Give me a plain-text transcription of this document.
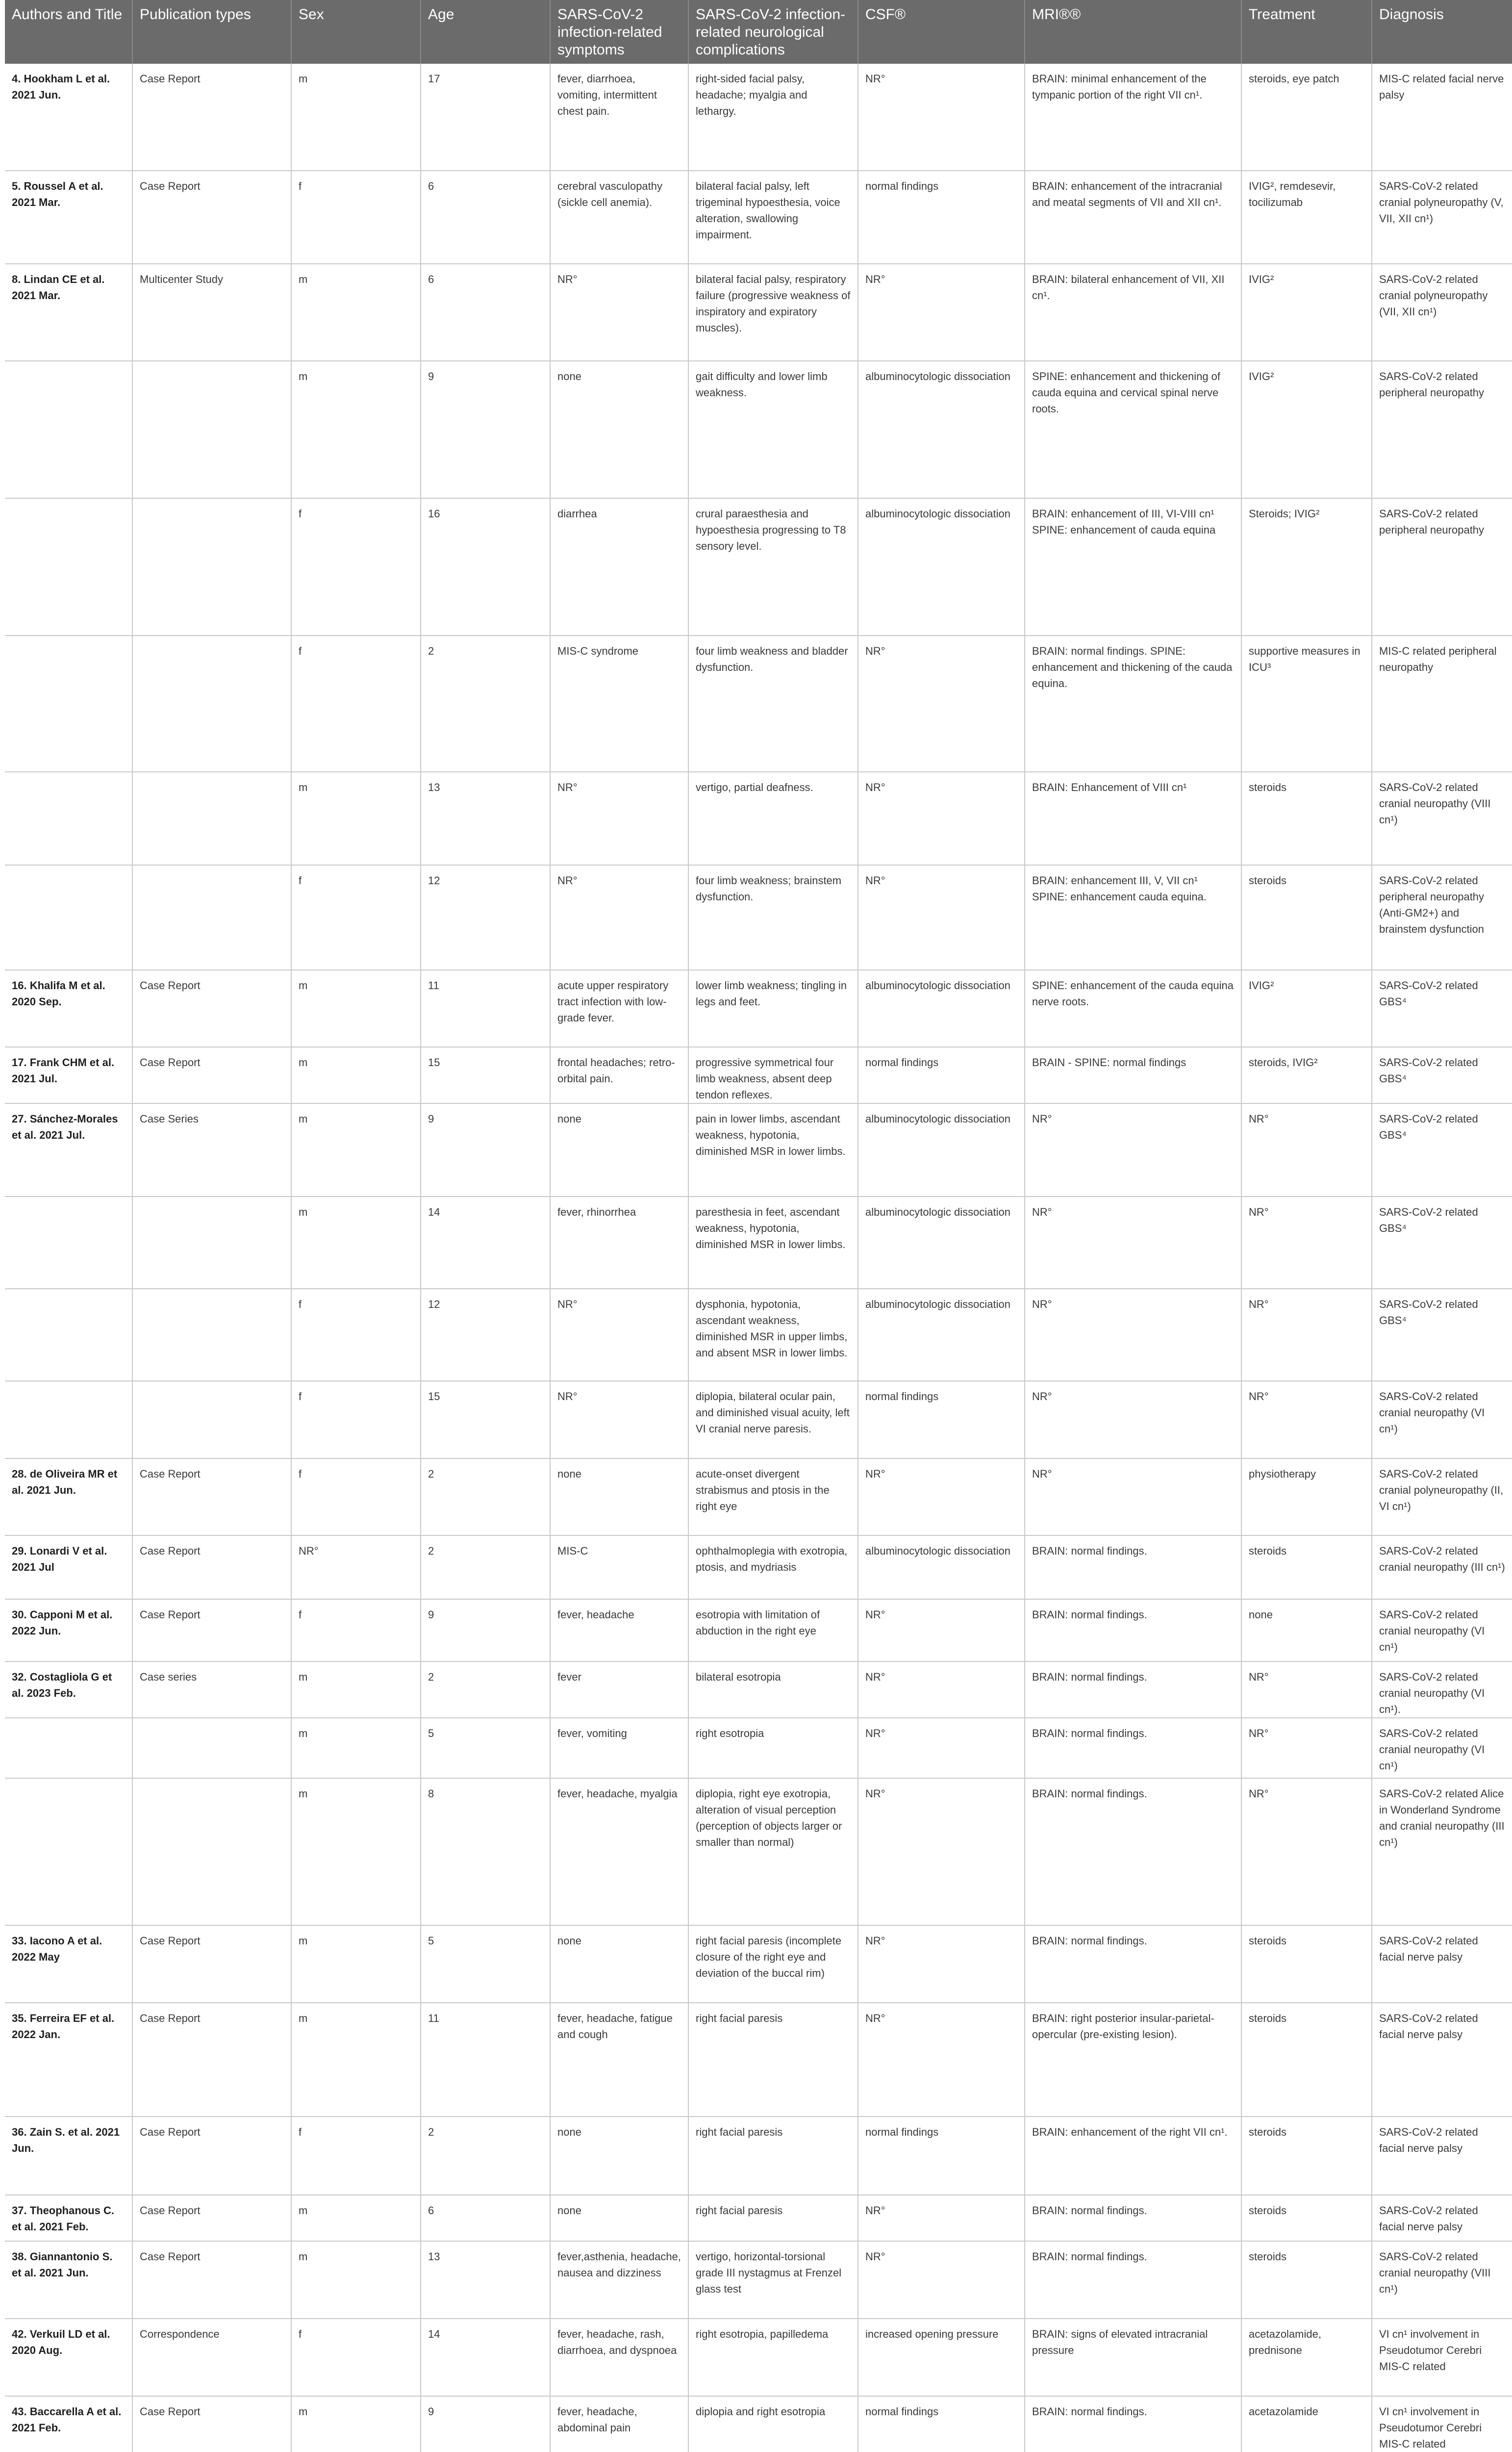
Authors and Title	Publication types	Sex	Age	SARS-CoV-2 infection-related symptoms	SARS-CoV-2 infection-related neurological complications	CSF®	MRI®®	Treatment	Diagnosis
4. Hookham L et al. 2021 Jun.	Case Report	m	17	fever, diarrhoea, vomiting, intermittent chest pain.	right-sided facial palsy, headache; myalgia and lethargy.	NR°	BRAIN: minimal enhancement of the tympanic portion of the right VII cn¹.	steroids, eye patch	MIS-C related facial nerve palsy
5. Roussel A et al. 2021 Mar.	Case Report	f	6	cerebral vasculopathy (sickle cell anemia).	bilateral facial palsy, left trigeminal hypoesthesia, voice alteration, swallowing impairment.	normal findings	BRAIN: enhancement of the intracranial and meatal segments of VII and XII cn¹.	IVIG², remdesevir, tocilizumab	SARS-CoV-2 related cranial polyneuropathy (V, VII, XII cn¹)
8. Lindan CE et al. 2021 Mar.	Multicenter Study	m	6	NR°	bilateral facial palsy, respiratory failure (progressive weakness of inspiratory and expiratory muscles).	NR°	BRAIN: bilateral enhancement of VII, XII cn¹.	IVIG²	SARS-CoV-2 related cranial polyneuropathy (VII, XII cn¹)
		m	9	none	gait difficulty and lower limb weakness.	albuminocytologic dissociation	SPINE: enhancement and thickening of cauda equina and cervical spinal nerve roots.	IVIG²	SARS-CoV-2 related peripheral neuropathy
		f	16	diarrhea	crural paraesthesia and hypoesthesia progressing to T8 sensory level.	albuminocytologic dissociation	BRAIN: enhancement of III, VI-VIII cn¹ SPINE: enhancement of cauda equina	Steroids; IVIG²	SARS-CoV-2 related peripheral neuropathy
		f	2	MIS-C syndrome	four limb weakness and bladder dysfunction.	NR°	BRAIN: normal findings. SPINE: enhancement and thickening of the cauda equina.	supportive measures in ICU³	MIS-C related peripheral neuropathy
		m	13	NR°	vertigo, partial deafness.	NR°	BRAIN: Enhancement of VIII cn¹	steroids	SARS-CoV-2 related cranial neuropathy (VIII cn¹)
		f	12	NR°	four limb weakness; brainstem dysfunction.	NR°	BRAIN: enhancement III, V, VII cn¹ SPINE: enhancement cauda equina.	steroids	SARS-CoV-2 related peripheral neuropathy (Anti-GM2+) and brainstem dysfunction
16. Khalifa M et al. 2020 Sep.	Case Report	m	11	acute upper respiratory tract infection with low-grade fever.	lower limb weakness; tingling in legs and feet.	albuminocytologic dissociation	SPINE: enhancement of the cauda equina nerve roots.	IVIG²	SARS-CoV-2 related GBS⁴
17. Frank CHM et al. 2021 Jul.	Case Report	m	15	frontal headaches; retro-orbital pain.	progressive symmetrical four limb weakness, absent deep tendon reflexes.	normal findings	BRAIN - SPINE: normal findings	steroids, IVIG²	SARS-CoV-2 related GBS⁴
27. Sánchez-Morales et al. 2021 Jul.	Case Series	m	9	none	pain in lower limbs, ascendant weakness, hypotonia, diminished MSR in lower limbs.	albuminocytologic dissociation	NR°	NR°	SARS-CoV-2 related GBS⁴
		m	14	fever, rhinorrhea	paresthesia in feet, ascendant weakness, hypotonia, diminished MSR in lower limbs.	albuminocytologic dissociation	NR°	NR°	SARS-CoV-2 related GBS⁴
		f	12	NR°	dysphonia, hypotonia, ascendant weakness, diminished MSR in upper limbs, and absent MSR in lower limbs.	albuminocytologic dissociation	NR°	NR°	SARS-CoV-2 related GBS⁴
		f	15	NR°	diplopia, bilateral ocular pain, and diminished visual acuity, left VI cranial nerve paresis.	normal findings	NR°	NR°	SARS-CoV-2 related cranial neuropathy (VI cn¹)
28. de Oliveira MR et al. 2021 Jun.	Case Report	f	2	none	acute-onset divergent strabismus and ptosis in the right eye	NR°	NR°	physiotherapy	SARS-CoV-2 related cranial polyneuropathy (II, VI cn¹)
29. Lonardi V et al. 2021 Jul	Case Report	NR°	2	MIS-C	ophthalmoplegia with exotropia, ptosis, and mydriasis	albuminocytologic dissociation	BRAIN: normal findings.	steroids	SARS-CoV-2 related cranial neuropathy (III cn¹)
30. Capponi M et al. 2022 Jun.	Case Report	f	9	fever, headache	esotropia with limitation of abduction in the right eye	NR°	BRAIN: normal findings.	none	SARS-CoV-2 related cranial neuropathy (VI cn¹)
32. Costagliola G et al. 2023 Feb.	Case series	m	2	fever	bilateral esotropia	NR°	BRAIN: normal findings.	NR°	SARS-CoV-2 related cranial neuropathy (VI cn¹).
		m	5	fever, vomiting	right esotropia	NR°	BRAIN: normal findings.	NR°	SARS-CoV-2 related cranial neuropathy (VI cn¹)
		m	8	fever, headache, myalgia	diplopia, right eye exotropia, alteration of visual perception (perception of objects larger or smaller than normal)	NR°	BRAIN: normal findings.	NR°	SARS-CoV-2 related Alice in Wonderland Syndrome and cranial neuropathy (III cn¹)
33. Iacono A et al. 2022 May	Case Report	m	5	none	right facial paresis (incomplete closure of the right eye and deviation of the buccal rim)	NR°	BRAIN: normal findings.	steroids	SARS-CoV-2 related facial nerve palsy
35. Ferreira EF et al. 2022 Jan.	Case Report	m	11	fever, headache, fatigue and cough	right facial paresis	NR°	BRAIN: right posterior insular-parietal-opercular (pre-existing lesion).	steroids	SARS-CoV-2 related facial nerve palsy
36. Zain S. et al. 2021 Jun.	Case Report	f	2	none	right facial paresis	normal findings	BRAIN: enhancement of the right VII cn¹.	steroids	SARS-CoV-2 related facial nerve palsy
37. Theophanous C. et al. 2021 Feb.	Case Report	m	6	none	right facial paresis	NR°	BRAIN: normal findings.	steroids	SARS-CoV-2 related facial nerve palsy
38. Giannantonio S. et al. 2021 Jun.	Case Report	m	13	fever,asthenia, headache, nausea and dizziness	vertigo, horizontal-torsional grade III nystagmus at Frenzel glass test	NR°	BRAIN: normal findings.	steroids	SARS-CoV-2 related cranial neuropathy (VIII cn¹)
42. Verkuil LD et al. 2020 Aug.	Correspondence	f	14	fever, headache, rash, diarrhoea, and dyspnoea	right esotropia, papilledema	increased opening pressure	BRAIN: signs of elevated intracranial pressure	acetazolamide, prednisone	VI cn¹ involvement in Pseudotumor Cerebri MIS-C related
43. Baccarella A et al. 2021 Feb.	Case Report	m	9	fever, headache, abdominal pain	diplopia and right esotropia	normal findings	BRAIN: normal findings.	acetazolamide	VI cn¹ involvement in Pseudotumor Cerebri MIS-C related
